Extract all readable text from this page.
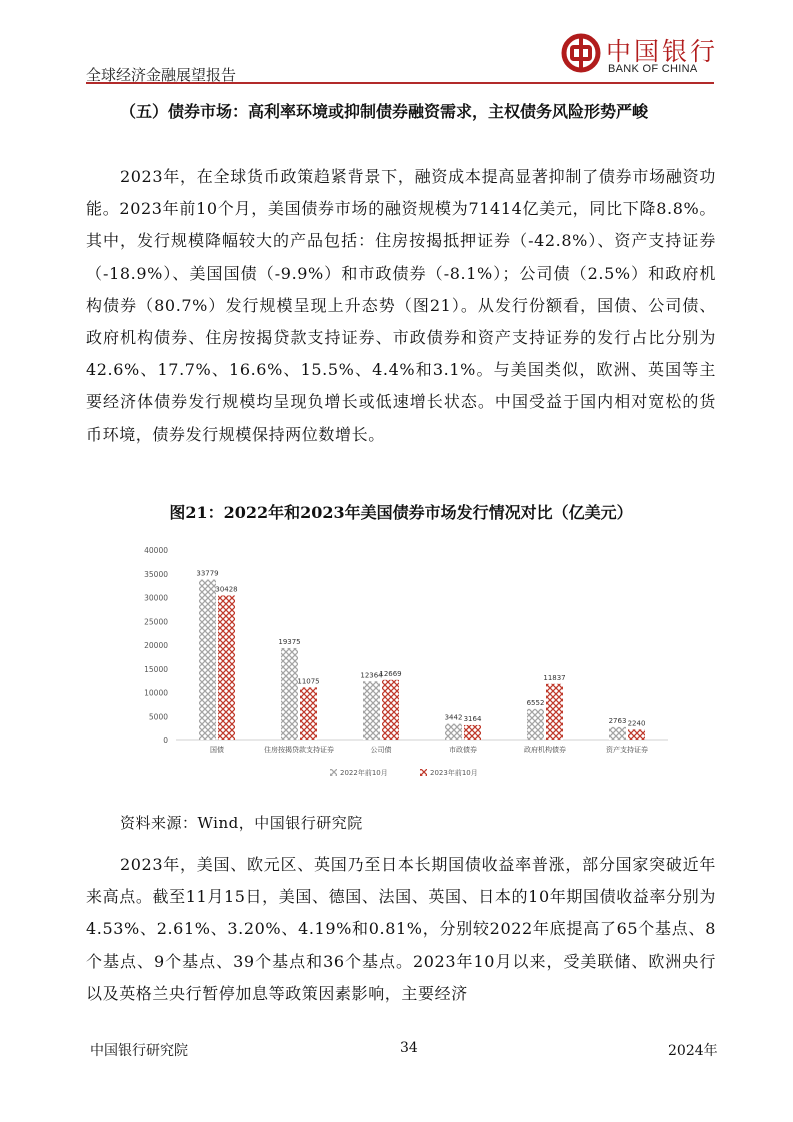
全球经济金融展望报告
中国银行
BANK OF CHINA

（五）债券市场：高利率环境或抑制债券融资需求，主权债务风险形势严峻

2023年，在全球货币政策趋紧背景下，融资成本提高显著抑制了债券市场融资功能。2023年前10个月，美国债券市场的融资规模为71414亿美元，同比下降8.8%。其中，发行规模降幅较大的产品包括：住房按揭抵押证券（-42.8%）、资产支持证券（-18.9%）、美国国债（-9.9%）和市政债券（-8.1%）；公司债（2.5%）和政府机构债券（80.7%）发行规模呈现上升态势（图21）。从发行份额看，国债、公司债、政府机构债券、住房按揭贷款支持证券、市政债券和资产支持证券的发行占比分别为42.6%、17.7%、16.6%、15.5%、4.4%和3.1%。与美国类似，欧洲、英国等主要经济体债券发行规模均呈现负增长或低速增长状态。中国受益于国内相对宽松的货币环境，债券发行规模保持两位数增长。

图21：2022年和2023年美国债券市场发行情况对比（亿美元）
0
5000
10000
15000
20000
25000
30000
35000
40000
33779
30428
国债
19375
11075
住房按揭贷款支持证券
12364
12669
公司债
3442 3164
市政债券
6552
11837
政府机构债券
2763 2240
资产支持证券
2022年前10月	2023年前10月
资料来源：Wind，中国银行研究院

2023年，美国、欧元区、英国乃至日本长期国债收益率普涨，部分国家突破近年来高点。截至11月15日，美国、德国、法国、英国、日本的10年期国债收益率分别为4.53%、2.61%、3.20%、4.19%和0.81%，分别较2022年底提高了65个基点、8个基点、9个基点、39个基点和36个基点。2023年10月以来，受美联储、欧洲央行以及英格兰央行暂停加息等政策因素影响，主要经济

中国银行研究院	34	2024年
